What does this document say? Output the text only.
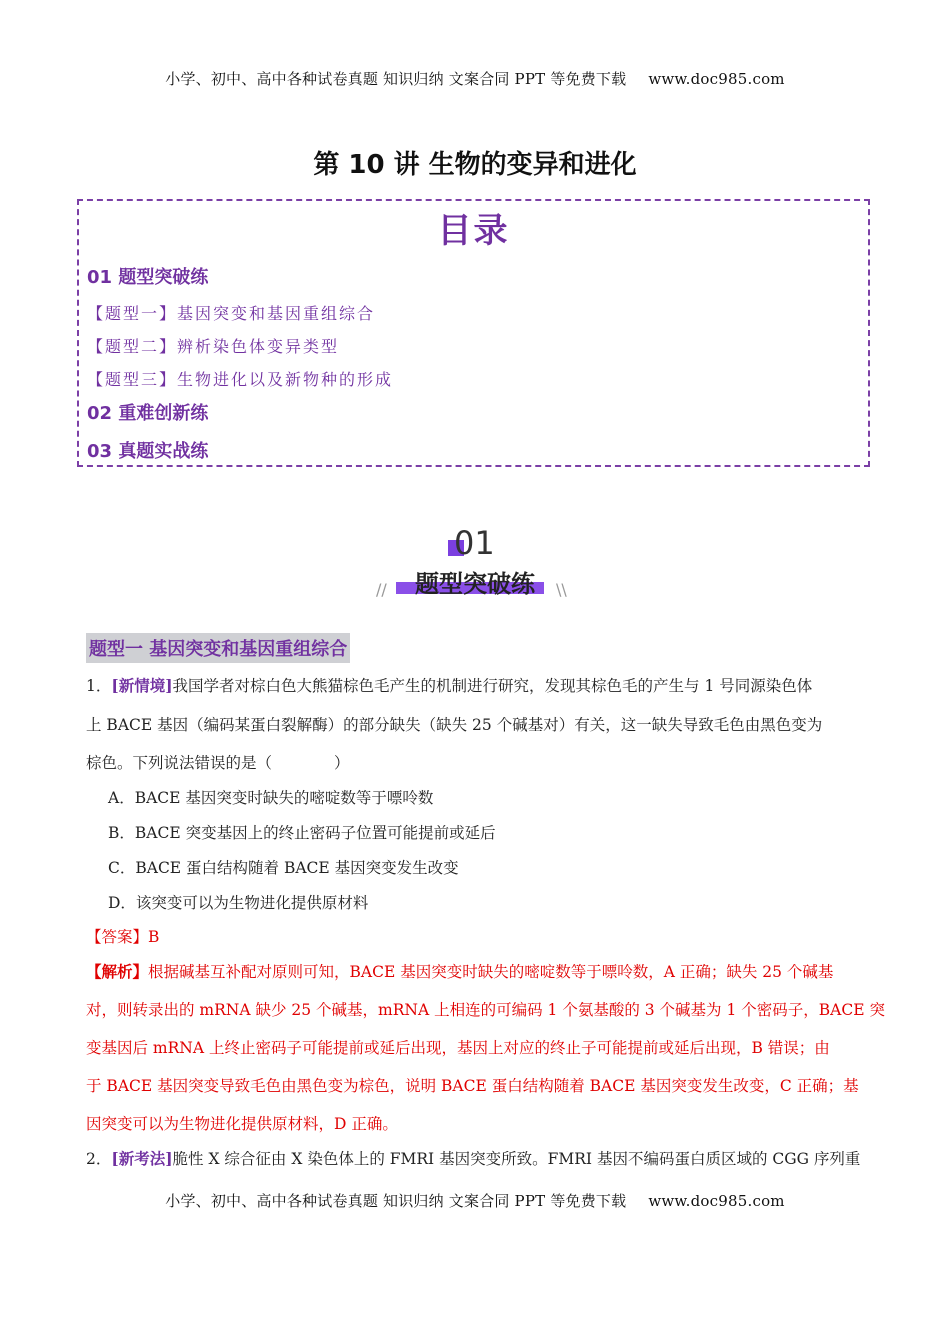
小学、初中、高中各种试卷真题 知识归纳 文案合同 PPT 等免费下载 www.doc985.com
第 10 讲 生物的变异和进化
目录
01 题型突破练
【题型一】基因突变和基因重组综合
【题型二】辨析染色体变异类型
【题型三】生物进化以及新物种的形成
02 重难创新练
03 真题实战练
01
题型突破练
//	\\
题型一 基因突变和基因重组综合
1．[新情境]我国学者对棕白色大熊猫棕色毛产生的机制进行研究，发现其棕色毛的产生与 1 号同源染色体
上 BACE 基因（编码某蛋白裂解酶）的部分缺失（缺失 25 个碱基对）有关，这一缺失导致毛色由黑色变为
棕色。下列说法错误的是（　　　　）
A．BACE 基因突变时缺失的嘧啶数等于嘌呤数
B．BACE 突变基因上的终止密码子位置可能提前或延后
C．BACE 蛋白结构随着 BACE 基因突变发生改变
D．该突变可以为生物进化提供原材料
【答案】B
【解析】根据碱基互补配对原则可知，BACE 基因突变时缺失的嘧啶数等于嘌呤数，A 正确；缺失 25 个碱基
对，则转录出的 mRNA 缺少 25 个碱基，mRNA 上相连的可编码 1 个氨基酸的 3 个碱基为 1 个密码子，BACE 突
变基因后 mRNA 上终止密码子可能提前或延后出现，基因上对应的终止子可能提前或延后出现，B 错误；由
于 BACE 基因突变导致毛色由黑色变为棕色，说明 BACE 蛋白结构随着 BACE 基因突变发生改变，C 正确；基
因突变可以为生物进化提供原材料，D 正确。
2．[新考法]脆性 X 综合征由 X 染色体上的 FMRI 基因突变所致。FMRI 基因不编码蛋白质区域的 CGG 序列重
小学、初中、高中各种试卷真题 知识归纳 文案合同 PPT 等免费下载 www.doc985.com
